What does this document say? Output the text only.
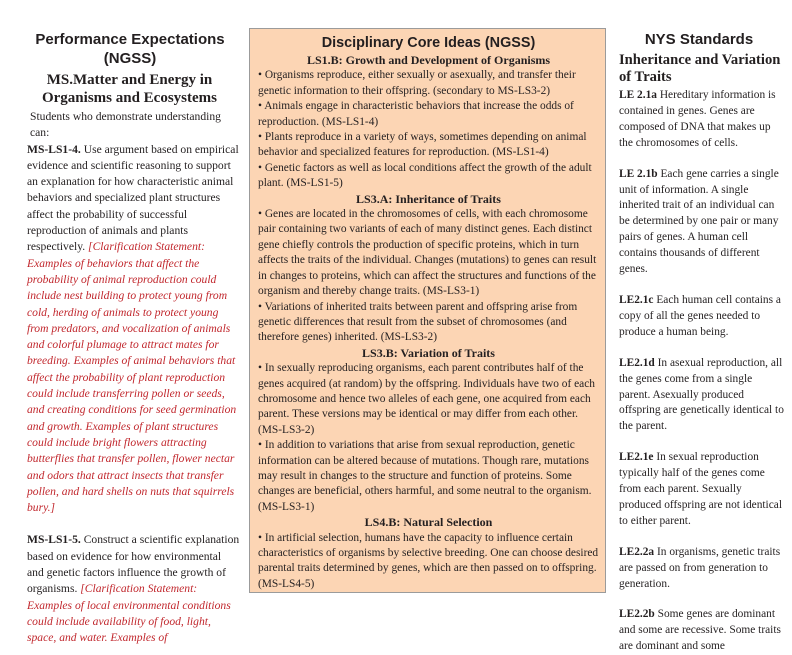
Performance Expectations (NGSS)
MS.Matter and Energy in Organisms and Ecosystems

Students who demonstrate understanding can:

MS-LS1-4. Use argument based on empirical evidence and scientific reasoning to support an explanation for how characteristic animal behaviors and specialized plant structures affect the probability of successful reproduction of animals and plants respectively. [Clarification Statement: Examples of behaviors that affect the probability of animal reproduction could include nest building to protect young from cold, herding of animals to protect young from predators, and vocalization of animals and colorful plumage to attract mates for breeding. Examples of animal behaviors that affect the probability of plant reproduction could include transferring pollen or seeds, and creating conditions for seed germination and growth. Examples of plant structures could include bright flowers attracting butterflies that transfer pollen, flower nectar and odors that attract insects that transfer pollen, and hard shells on nuts that squirrels bury.]

MS-LS1-5. Construct a scientific explanation based on evidence for how environmental and genetic factors influence the growth of organisms. [Clarification Statement: Examples of local environmental conditions could include availability of food, light, space, and water. Examples of

Disciplinary Core Ideas (NGSS)
LS1.B: Growth and Development of Organisms

• Organisms reproduce, either sexually or asexually, and transfer their genetic information to their offspring. (secondary to MS-LS3-2)

• Animals engage in characteristic behaviors that increase the odds of reproduction. (MS-LS1-4)

• Plants reproduce in a variety of ways, sometimes depending on animal behavior and specialized features for reproduction. (MS-LS1-4)

• Genetic factors as well as local conditions affect the growth of the adult plant. (MS-LS1-5)

LS3.A: Inheritance of Traits

• Genes are located in the chromosomes of cells, with each chromosome pair containing two variants of each of many distinct genes. Each distinct gene chiefly controls the production of specific proteins, which in turn affects the traits of the individual. Changes (mutations) to genes can result in changes to proteins, which can affect the structures and functions of the organism and thereby change traits. (MS-LS3-1)

• Variations of inherited traits between parent and offspring arise from genetic differences that result from the subset of chromosomes (and therefore genes) inherited. (MS-LS3-2)

LS3.B: Variation of Traits

• In sexually reproducing organisms, each parent contributes half of the genes acquired (at random) by the offspring. Individuals have two of each chromosome and hence two alleles of each gene, one acquired from each parent. These versions may be identical or may differ from each other. (MS-LS3-2)

• In addition to variations that arise from sexual reproduction, genetic information can be altered because of mutations. Though rare, mutations may result in changes to the structure and function of proteins. Some changes are beneficial, others harmful, and some neutral to the organism. (MS-LS3-1)

LS4.B: Natural Selection

• In artificial selection, humans have the capacity to influence certain characteristics of organisms by selective breeding. One can choose desired parental traits determined by genes, which are then passed on to offspring. (MS-LS4-5)

NYS Standards
Inheritance and Variation of Traits

LE 2.1a Hereditary information is contained in genes. Genes are composed of DNA that makes up the chromosomes of cells.

LE 2.1b Each gene carries a single unit of information. A single inherited trait of an individual can be determined by one pair or many pairs of genes. A human cell contains thousands of different genes.

LE2.1c Each human cell contains a copy of all the genes needed to produce a human being.

LE2.1d In asexual reproduction, all the genes come from a single parent. Asexually produced offspring are genetically identical to the parent.

LE2.1e In sexual reproduction typically half of the genes come from each parent. Sexually produced offspring are not identical to either parent.

LE2.2a In organisms, genetic traits are passed on from generation to generation.

LE2.2b Some genes are dominant and some are recessive. Some traits are dominant and some
